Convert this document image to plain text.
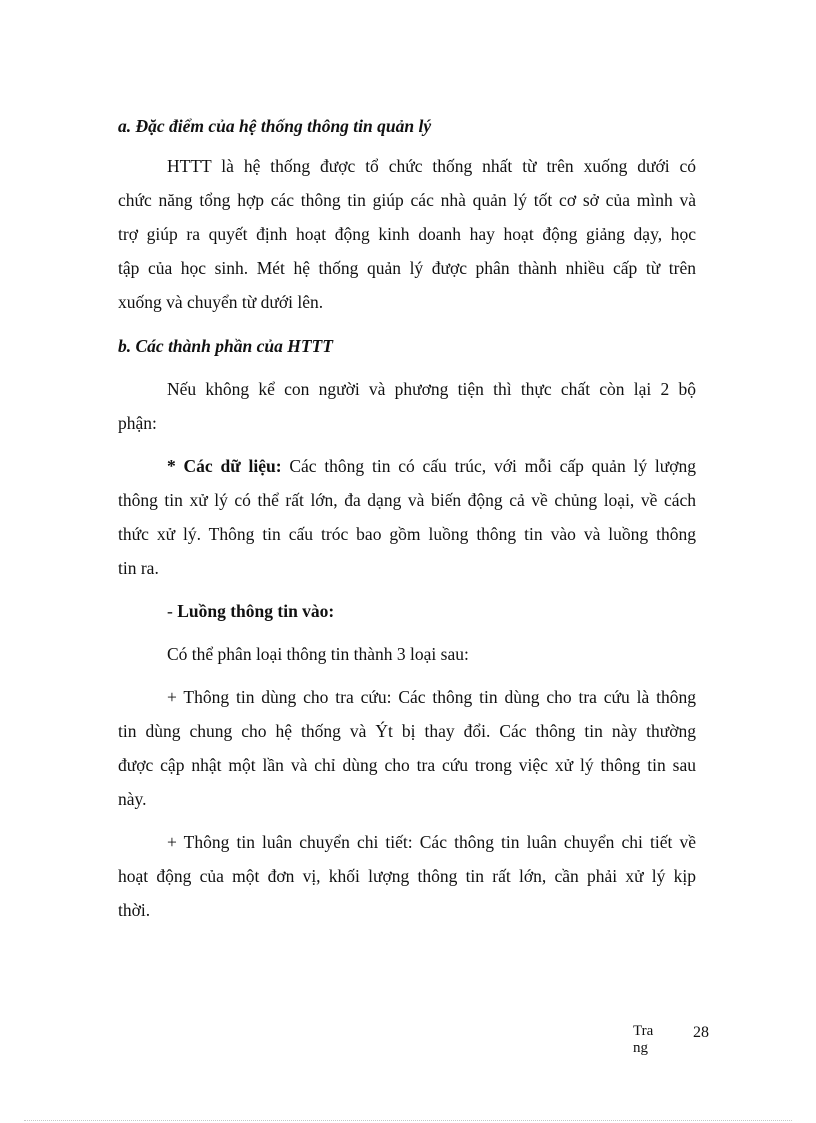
a. Đặc điểm của hệ thống thông tin quản lý
HTTT là hệ thống được tổ chức thống nhất từ trên xuống dưới có
chức năng tổng hợp các thông tin giúp các nhà quản lý tốt cơ sở của mình và
trợ giúp ra quyết định hoạt động kinh doanh hay hoạt động giảng dạy, học
tập của học sinh. Mét hệ thống quản lý được phân thành nhiều cấp từ trên
xuống và chuyển từ dưới lên.
b. Các thành phần của HTTT
Nếu không kể con người và phương tiện thì thực chất còn lại 2 bộ
phận:
* Các dữ liệu: Các thông tin có cấu trúc, với mỗi cấp quản lý lượng
thông tin xử lý có thể rất lớn, đa dạng và biến động cả về chủng loại, về cách
thức xử lý. Thông tin cấu tróc bao gồm luồng thông tin vào và luồng thông
tin ra.
- Luồng thông tin vào:
Có thể phân loại thông tin thành 3 loại sau:
+ Thông tin dùng cho tra cứu: Các thông tin dùng cho tra cứu là thông
tin dùng chung cho hệ thống và Ýt bị thay đổi. Các thông tin này thường
được cập nhật một lần và chỉ dùng cho tra cứu trong việc xử lý thông tin sau
này.
+ Thông tin luân chuyển chi tiết: Các thông tin luân chuyển chi tiết về
hoạt động của một đơn vị, khối lượng thông tin rất lớn, cần phải xử lý kịp
thời.
Trang
28
